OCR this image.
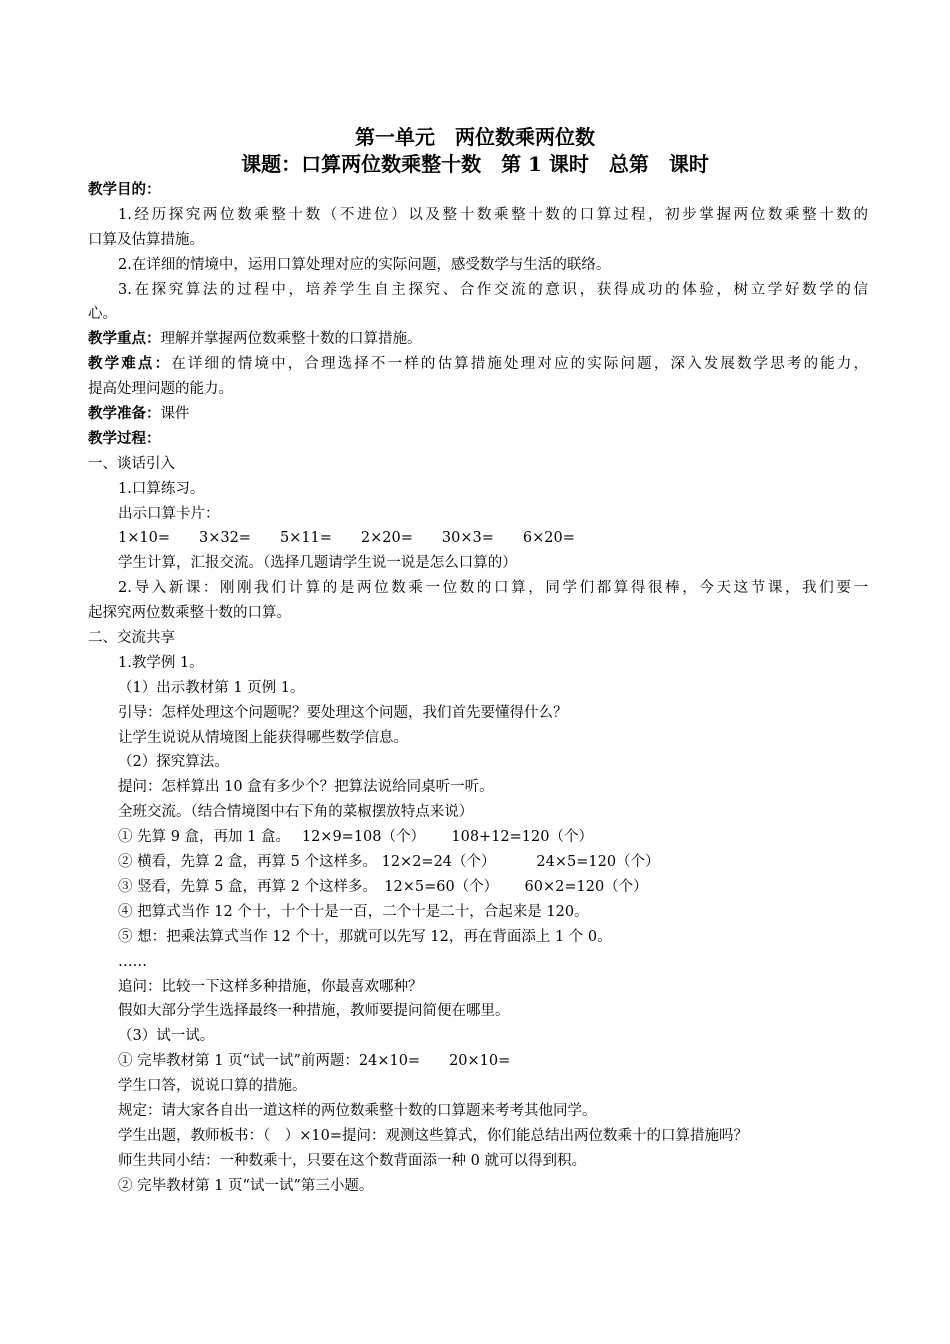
第一单元　两位数乘两位数
课题：口算两位数乘整十数　第 1 课时　总第　课时
教学目的：
1.经历探究两位数乘整十数（不进位）以及整十数乘整十数的口算过程，初步掌握两位数乘整十数的
口算及估算措施。
2.在详细的情境中，运用口算处理对应的实际问题，感受数学与生活的联络。
3.在探究算法的过程中，培养学生自主探究、合作交流的意识，获得成功的体验，树立学好数学的信
心。
教学重点：理解并掌握两位数乘整十数的口算措施。
教学难点：在详细的情境中，合理选择不一样的估算措施处理对应的实际问题，深入发展数学思考的能力，
提高处理问题的能力。
教学准备：课件
教学过程：
一、谈话引入
1.口算练习。
出示口算卡片：
1×10=　　3×32=　　5×11=　　2×20=　　30×3=　　6×20=
学生计算，汇报交流。（选择几题请学生说一说是怎么口算的）
2.导入新课：刚刚我们计算的是两位数乘一位数的口算，同学们都算得很棒，今天这节课，我们要一
起探究两位数乘整十数的口算。
二、交流共享
1.教学例 1。
（1）出示教材第 1 页例 1。
引导：怎样处理这个问题呢？要处理这个问题，我们首先要懂得什么？
让学生说说从情境图上能获得哪些数学信息。
（2）探究算法。
提问：怎样算出 10 盒有多少个？把算法说给同桌听一听。
全班交流。（结合情境图中右下角的菜椒摆放特点来说）
① 先算 9 盒，再加 1 盒。　 12×9=108（个）　　 108+12=120（个）
② 横看，先算 2 盒，再算 5 个这样多。 12×2=24（个）　　　 24×5=120（个）
③ 竖看，先算 5 盒，再算 2 个这样多。　12×5=60（个）　　 60×2=120（个）
④ 把算式当作 12 个十，十个十是一百，二个十是二十，合起来是 120。
⑤ 想：把乘法算式当作 12 个十，那就可以先写 12，再在背面添上 1 个 0。
……
追问：比较一下这样多种措施，你最喜欢哪种？
假如大部分学生选择最终一种措施，教师要提问简便在哪里。
（3）试一试。
① 完毕教材第 1 页“试一试”前两题：24×10=　　20×10=
学生口答，说说口算的措施。
规定：请大家各自出一道这样的两位数乘整十数的口算题来考考其他同学。
学生出题，教师板书：（　）×10=提问：观测这些算式，你们能总结出两位数乘十的口算措施吗？
师生共同小结：一种数乘十，只要在这个数背面添一种 0 就可以得到积。
② 完毕教材第 1 页“试一试”第三小题。
